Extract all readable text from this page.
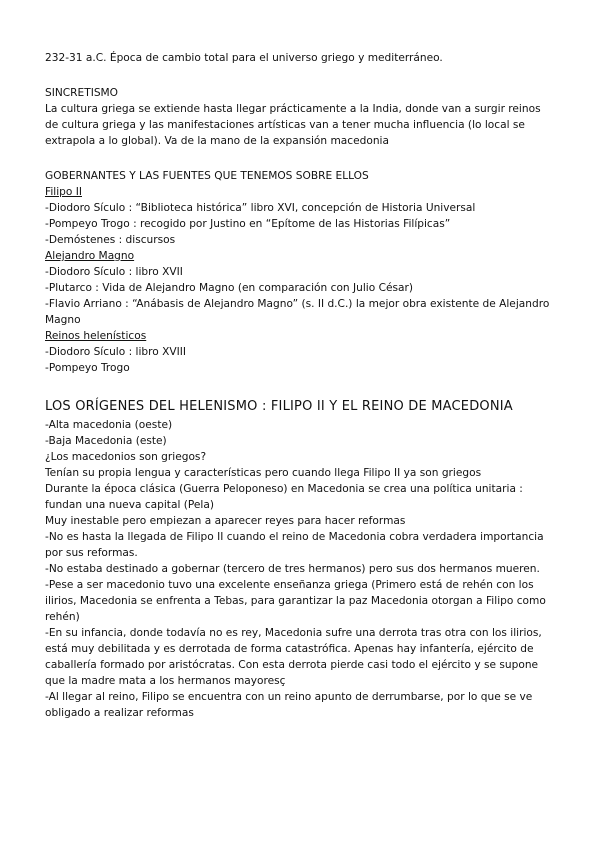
232-31 a.C. Época de cambio total para el universo griego y mediterráneo.
SINCRETISMO
La cultura griega se extiende hasta llegar prácticamente a la India, donde van a surgir reinos
de cultura griega y las manifestaciones artísticas van a tener mucha influencia (lo local se
extrapola a lo global). Va de la mano de la expansión macedonia
GOBERNANTES Y LAS FUENTES QUE TENEMOS SOBRE ELLOS
Filipo II
-Diodoro Sículo : “Biblioteca histórica” libro XVI, concepción de Historia Universal
-Pompeyo Trogo : recogido por Justino en “Epítome de las Historias Filípicas”
-Demóstenes : discursos
Alejandro Magno
-Diodoro Sículo : libro XVII
-Plutarco : Vida de Alejandro Magno (en comparación con Julio César)
-Flavio Arriano : “Anábasis de Alejandro Magno” (s. II d.C.) la mejor obra existente de Alejandro
Magno
Reinos helenísticos
-Diodoro Sículo : libro XVIII
-Pompeyo Trogo
LOS ORÍGENES DEL HELENISMO : FILIPO II Y EL REINO DE MACEDONIA
-Alta macedonia (oeste)
-Baja Macedonia (este)
¿Los macedonios son griegos?
Tenían su propia lengua y características pero cuando llega Filipo II ya son griegos
Durante la época clásica (Guerra Peloponeso) en Macedonia se crea una política unitaria :
fundan una nueva capital (Pela)
Muy inestable pero empiezan a aparecer reyes para hacer reformas
-No es hasta la llegada de Filipo II cuando el reino de Macedonia cobra verdadera importancia
por sus reformas.
-No estaba destinado a gobernar (tercero de tres hermanos) pero sus dos hermanos mueren.
-Pese a ser macedonio tuvo una excelente enseñanza griega (Primero está de rehén con los
ilirios, Macedonia se enfrenta a Tebas, para garantizar la paz Macedonia otorgan a Filipo como
rehén)
-En su infancia, donde todavía no es rey, Macedonia sufre una derrota tras otra con los ilirios,
está muy debilitada y es derrotada de forma catastrófica. Apenas hay infantería, ejército de
caballería formado por aristócratas. Con esta derrota pierde casi todo el ejército y se supone
que la madre mata a los hermanos mayoresç
-Al llegar al reino, Filipo se encuentra con un reino apunto de derrumbarse, por lo que se ve
obligado a realizar reformas
